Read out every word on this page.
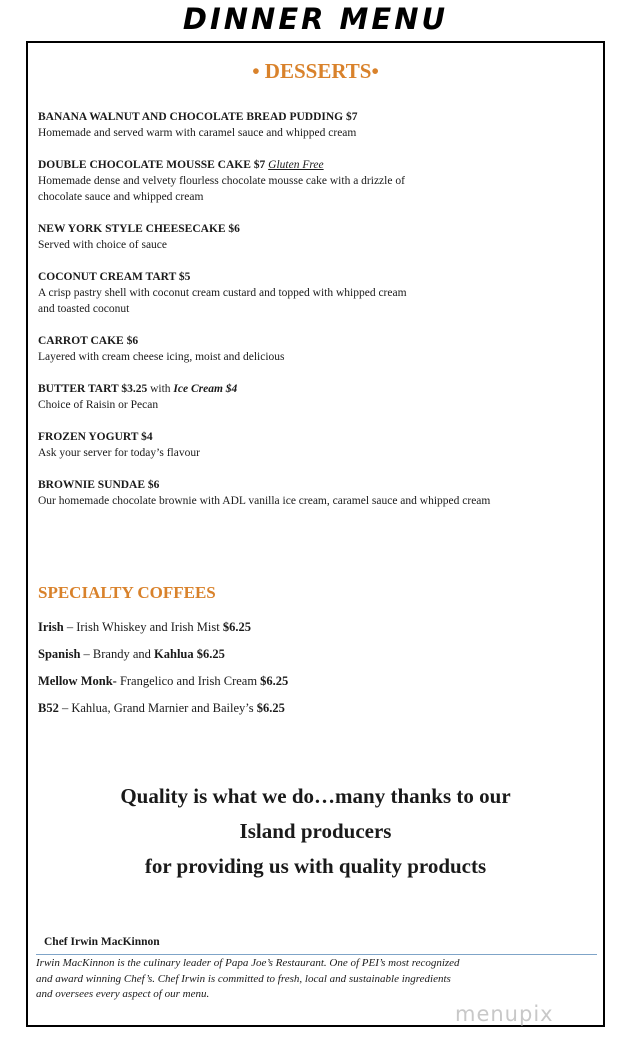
DINNER MENU
• DESSERTS•
BANANA WALNUT AND CHOCOLATE BREAD PUDDING $7
Homemade and served warm with caramel sauce and whipped cream
DOUBLE CHOCOLATE MOUSSE CAKE $7 Gluten Free
Homemade dense and velvety flourless chocolate mousse cake with a drizzle of
chocolate sauce and whipped cream
NEW YORK STYLE CHEESECAKE $6
Served with choice of sauce
COCONUT CREAM TART $5
A crisp pastry shell with coconut cream custard and topped with whipped cream
and toasted coconut
CARROT CAKE $6
Layered with cream cheese icing, moist and delicious
BUTTER TART $3.25 with Ice Cream $4
Choice of Raisin or Pecan
FROZEN YOGURT $4
Ask your server for today’s flavour
BROWNIE SUNDAE $6
Our homemade chocolate brownie with ADL vanilla ice cream, caramel sauce and whipped cream
SPECIALTY COFFEES
Irish – Irish Whiskey and Irish Mist $6.25
Spanish – Brandy and Kahlua $6.25
Mellow Monk- Frangelico and Irish Cream $6.25
B52 – Kahlua, Grand Marnier and Bailey’s $6.25
Quality is what we do…many thanks to our
Island producers
for providing us with quality products
Chef Irwin MacKinnon
Irwin MacKinnon is the culinary leader of Papa Joe’s Restaurant. One of PEI’s most recognized
and award winning Chef’s. Chef Irwin is committed to fresh, local and sustainable ingredients
and oversees every aspect of our menu.
menupix
